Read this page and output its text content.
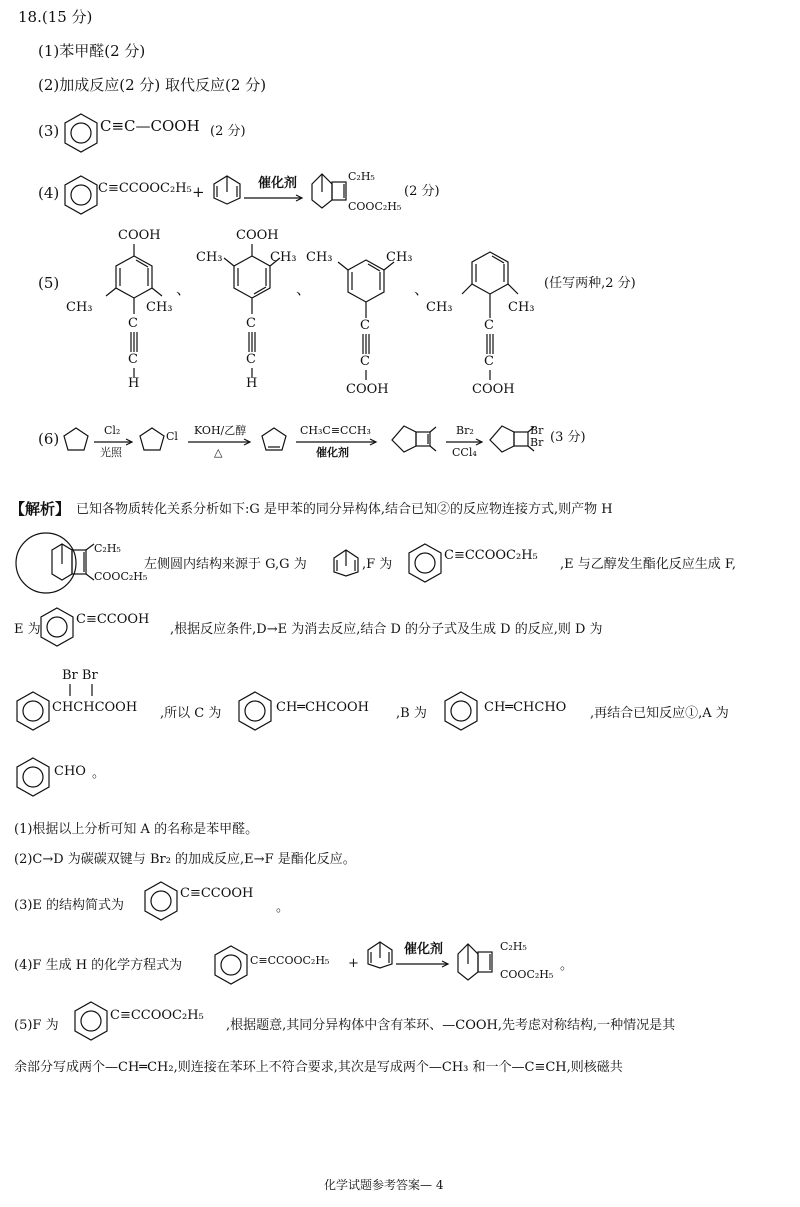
18.(15 分)
(1)苯甲醛(2 分)
(2)加成反应(2 分) 取代反应(2 分)
(3)	C≡C—COOH (2 分)
(4)	C≡CCOOC₂H₅ +	催化剂	C₂H₅
COOC₂H₅
(2 分)
(5)
COOH
CH₃	CH₃
C
C
H
、
COOH
CH₃	CH₃
C
C
H
、
CH₃	CH₃
C
C
COOH
、
CH₃	CH₃
C
C
COOH
(任写两种,2 分)
(6)	Cl₂
光照
Cl KOH/乙醇
△
CH₃C≡CCH₃
催化剂
Br₂
CCl₄
Br
Br (3 分)
【解析】 已知各物质转化关系分析如下:G 是甲苯的同分异构体,结合已知②的反应物连接方式,则产物 H
C₂H₅
COOC₂H₅
左侧圆内结构来源于 G,G 为	,F 为
C≡CCOOC₂H₅
,E 与乙醇发生酯化反应生成 F,
E 为
C≡CCOOH
,根据反应条件,D→E 为消去反应,结合 D 的分子式及生成 D 的反应,则 D 为
Br Br
CHCHCOOH ,所以 C 为	CH═CHCOOH ,B 为	CH═CHCHO ,再结合已知反应①,A 为
CHO 。
(1)根据以上分析可知 A 的名称是苯甲醛。
(2)C→D 为碳碳双键与 Br₂ 的加成反应,E→F 是酯化反应。
(3)E 的结构简式为
C≡CCOOH
。
(4)F 生成 H 的化学方程式为	C≡CCOOC₂H₅ +
催化剂	C₂H₅
COOC₂H₅
。
(5)F 为
C≡CCOOC₂H₅
,根据题意,其同分异构体中含有苯环、—COOH,先考虑对称结构,一种情况是其
余部分写成两个—CH═CH₂,则连接在苯环上不符合要求,其次是写成两个—CH₃ 和一个—C≡CH,则核磁共
化学试题参考答案— 4
